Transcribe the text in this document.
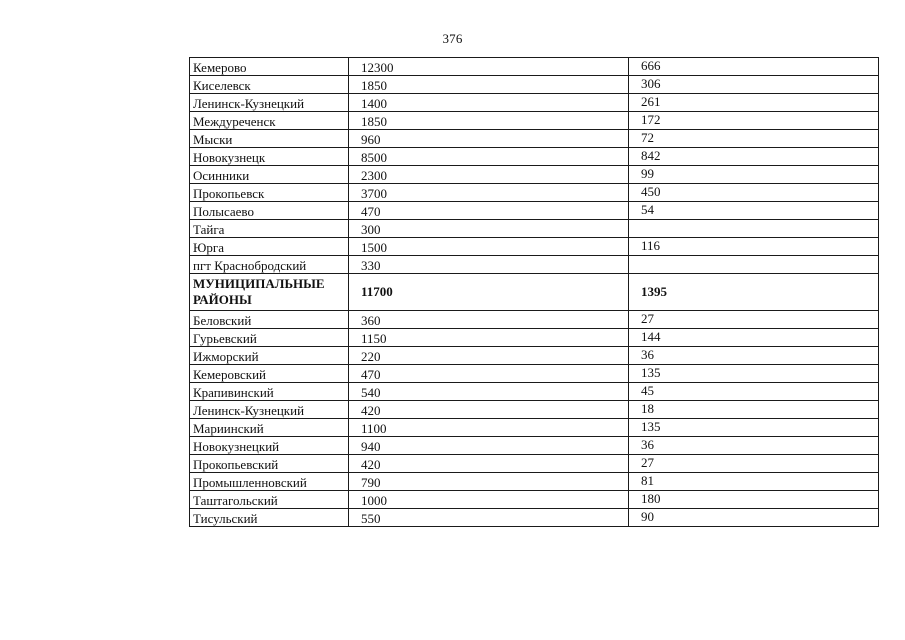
376
Кемерово	12300	666
Киселевск	1850	306
Ленинск-Кузнецкий	1400	261
Междуреченск	1850	172
Мыски	960	72
Новокузнецк	8500	842
Осинники	2300	99
Прокопьевск	3700	450
Полысаево	470	54
Тайга	300	
Юрга	1500	116
пгт Краснобродский	330	
МУНИЦИПАЛЬНЫЕ РАЙОНЫ	11700	1395
Беловский	360	27
Гурьевский	1150	144
Ижморский	220	36
Кемеровский	470	135
Крапивинский	540	45
Ленинск-Кузнецкий	420	18
Мариинский	1100	135
Новокузнецкий	940	36
Прокопьевский	420	27
Промышленновский	790	81
Таштагольский	1000	180
Тисульский	550	90
